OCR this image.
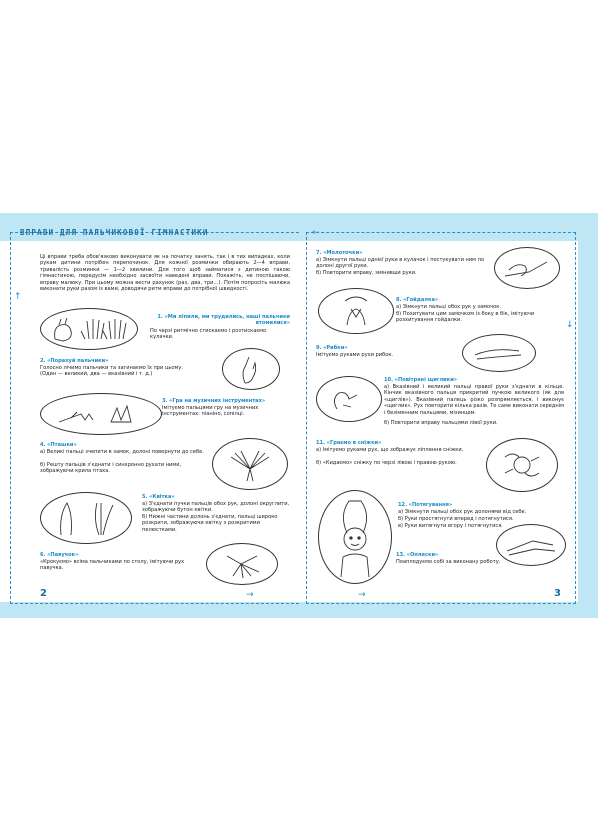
ВПРАВИ ДЛЯ ПАЛЬЧИКОВОЇ ГІМНАСТИКИ
↑
←
→
→
↓
2	3

Ці вправи треба обов'язково виконувати як на початку занять, так і в тих випадках, коли рукам дитини потрібен перепочинок. Для кожної розминки обирають 2—4 вправи, тривалість розминки — 1—2 хвилини. Для того щоб займатися з дитиною такою гімнастикою, передусім необхідно засвоїти наведені вправи. Покажіть, не поспішаючи, вправу малюку. При цьому можна вести рахунок (раз, два, три…). Потім попросіть малюка виконати руки разом із вами, доводячи ритм вправи до потрібної швидкості.

1. «Ми ліпили, ми трудились, наші пальчики втомилися»

По черзі ритмічно стискаємо і розтискаємо кулачки.

2. «Порахуй пальчики»

Голосно лічимо пальчики та загинаємо їх при цьому. (Один — великий, два — вказівний і т. д.)

3. «Гра на музичних інструментах»

Імітуємо пальцями гру на музичних інструментах: піаніно, сопілці.

4. «Пташки»

а) Великі пальці зчепити в замок, долоні повернути до себе.

б) Решту пальців з'єднати і синхронно рухати ними, зображуючи крила птаха.

5. «Квітка»

а) З'єднати пучки пальців обох рук, долоні округлити, зображуючи бутон квітки.

б) Нижні частини долонь з'єднати, пальці широко розкрити, зображуючи квітку з розкритими пелюстками.

6. «Павучок»

«Крокуємо» всіма пальчиками по столу, імітуючи рух павучка.

7. «Молоточки»

а) Зімкнути пальці однієї руки в кулачок і постукувати ним по долоні другої руки.

б) Повторити вправу, змінивши руки.

8. «Гойдалка»

а) Зімкнути пальці обох рук у замочок.

б) Похитувати цим замочком із боку в бік, імітуючи розхитування гойдалки.

9. «Рибки»

Імітуємо руками рухи рибок.

10. «Повітряні щиглики»

а) Вказівний і великий пальці правої руки з'єднати в кільце. Кінчик вказівного пальця прикритий пучкою великого (як для «щиглів»). Вказівний палець різко розпрямляється, і виконує «щиглик». Рух повторити кілька разів. Те саме виконати середнім і безіменним пальцями, мізинцем.

б) Повторити вправу пальцями лівої руки.

11. «Граємо в сніжки»

а) Імітуємо руками рух, що зображує ліплення сніжки.

б) «Кидаємо» сніжку по черзі лівою і правою рукою.

12. «Потягування»

а) Зімкнути пальці обох рук долонями від себе.

б) Руки простягнути вперед і потягнутися.

в) Руки витягнути вгору і потягнутися.

13. «Оплески»

Поаплодуємо собі за виконану роботу.
